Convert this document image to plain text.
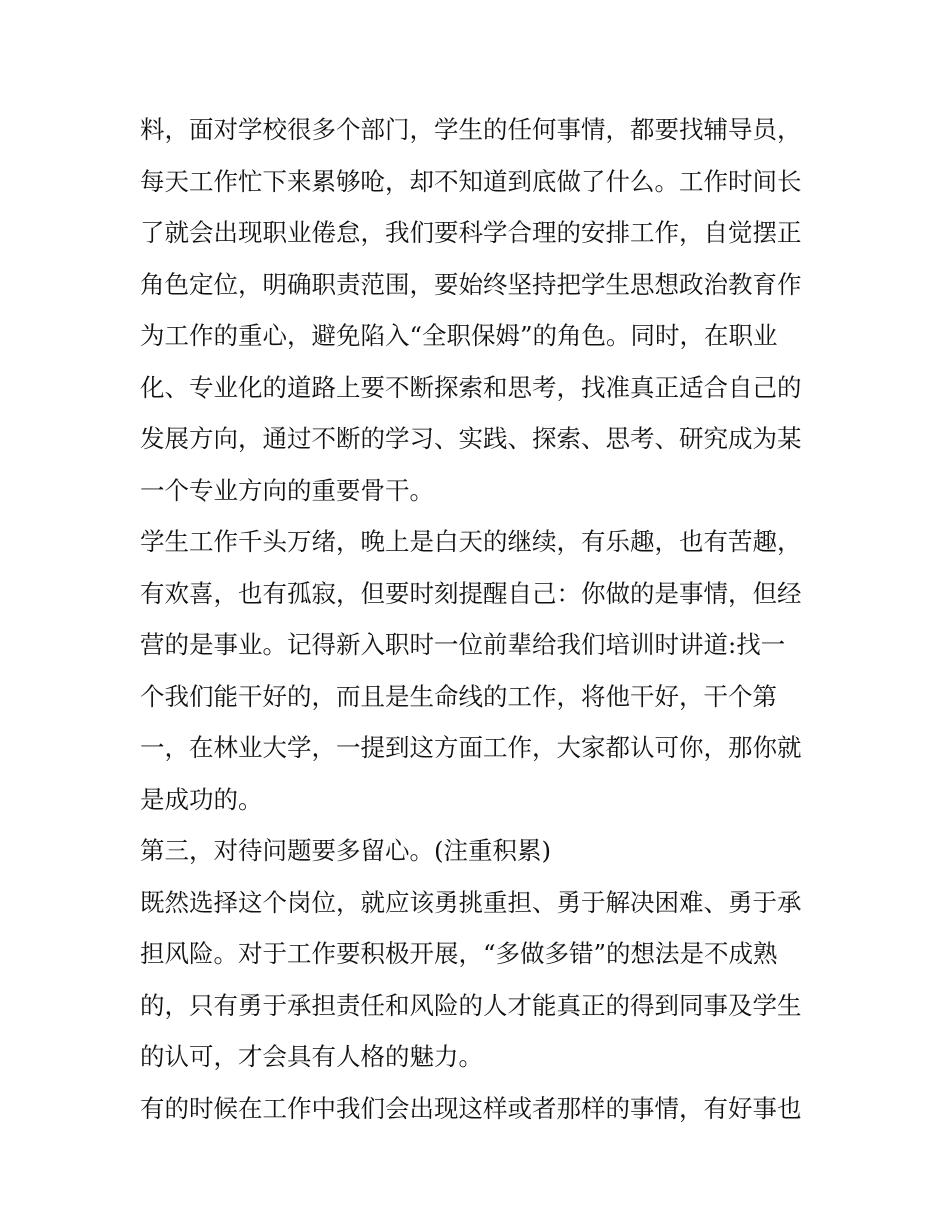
料，面对学校很多个部门，学生的任何事情，都要找辅导员，
每天工作忙下来累够呛，却不知道到底做了什么。工作时间长
了就会出现职业倦怠，我们要科学合理的安排工作，自觉摆正
角色定位，明确职责范围，要始终坚持把学生思想政治教育作
为工作的重心，避免陷入“全职保姆”的角色。同时，在职业
化、专业化的道路上要不断探索和思考，找准真正适合自己的
发展方向，通过不断的学习、实践、探索、思考、研究成为某
一个专业方向的重要骨干。
学生工作千头万绪，晚上是白天的继续，有乐趣，也有苦趣，
有欢喜，也有孤寂，但要时刻提醒自己：你做的是事情，但经
营的是事业。记得新入职时一位前辈给我们培训时讲道:找一
个我们能干好的，而且是生命线的工作，将他干好，干个第
一，在林业大学，一提到这方面工作，大家都认可你，那你就
是成功的。
第三，对待问题要多留心。(注重积累)
既然选择这个岗位，就应该勇挑重担、勇于解决困难、勇于承
担风险。对于工作要积极开展，“多做多错”的想法是不成熟
的，只有勇于承担责任和风险的人才能真正的得到同事及学生
的认可，才会具有人格的魅力。
有的时候在工作中我们会出现这样或者那样的事情，有好事也
